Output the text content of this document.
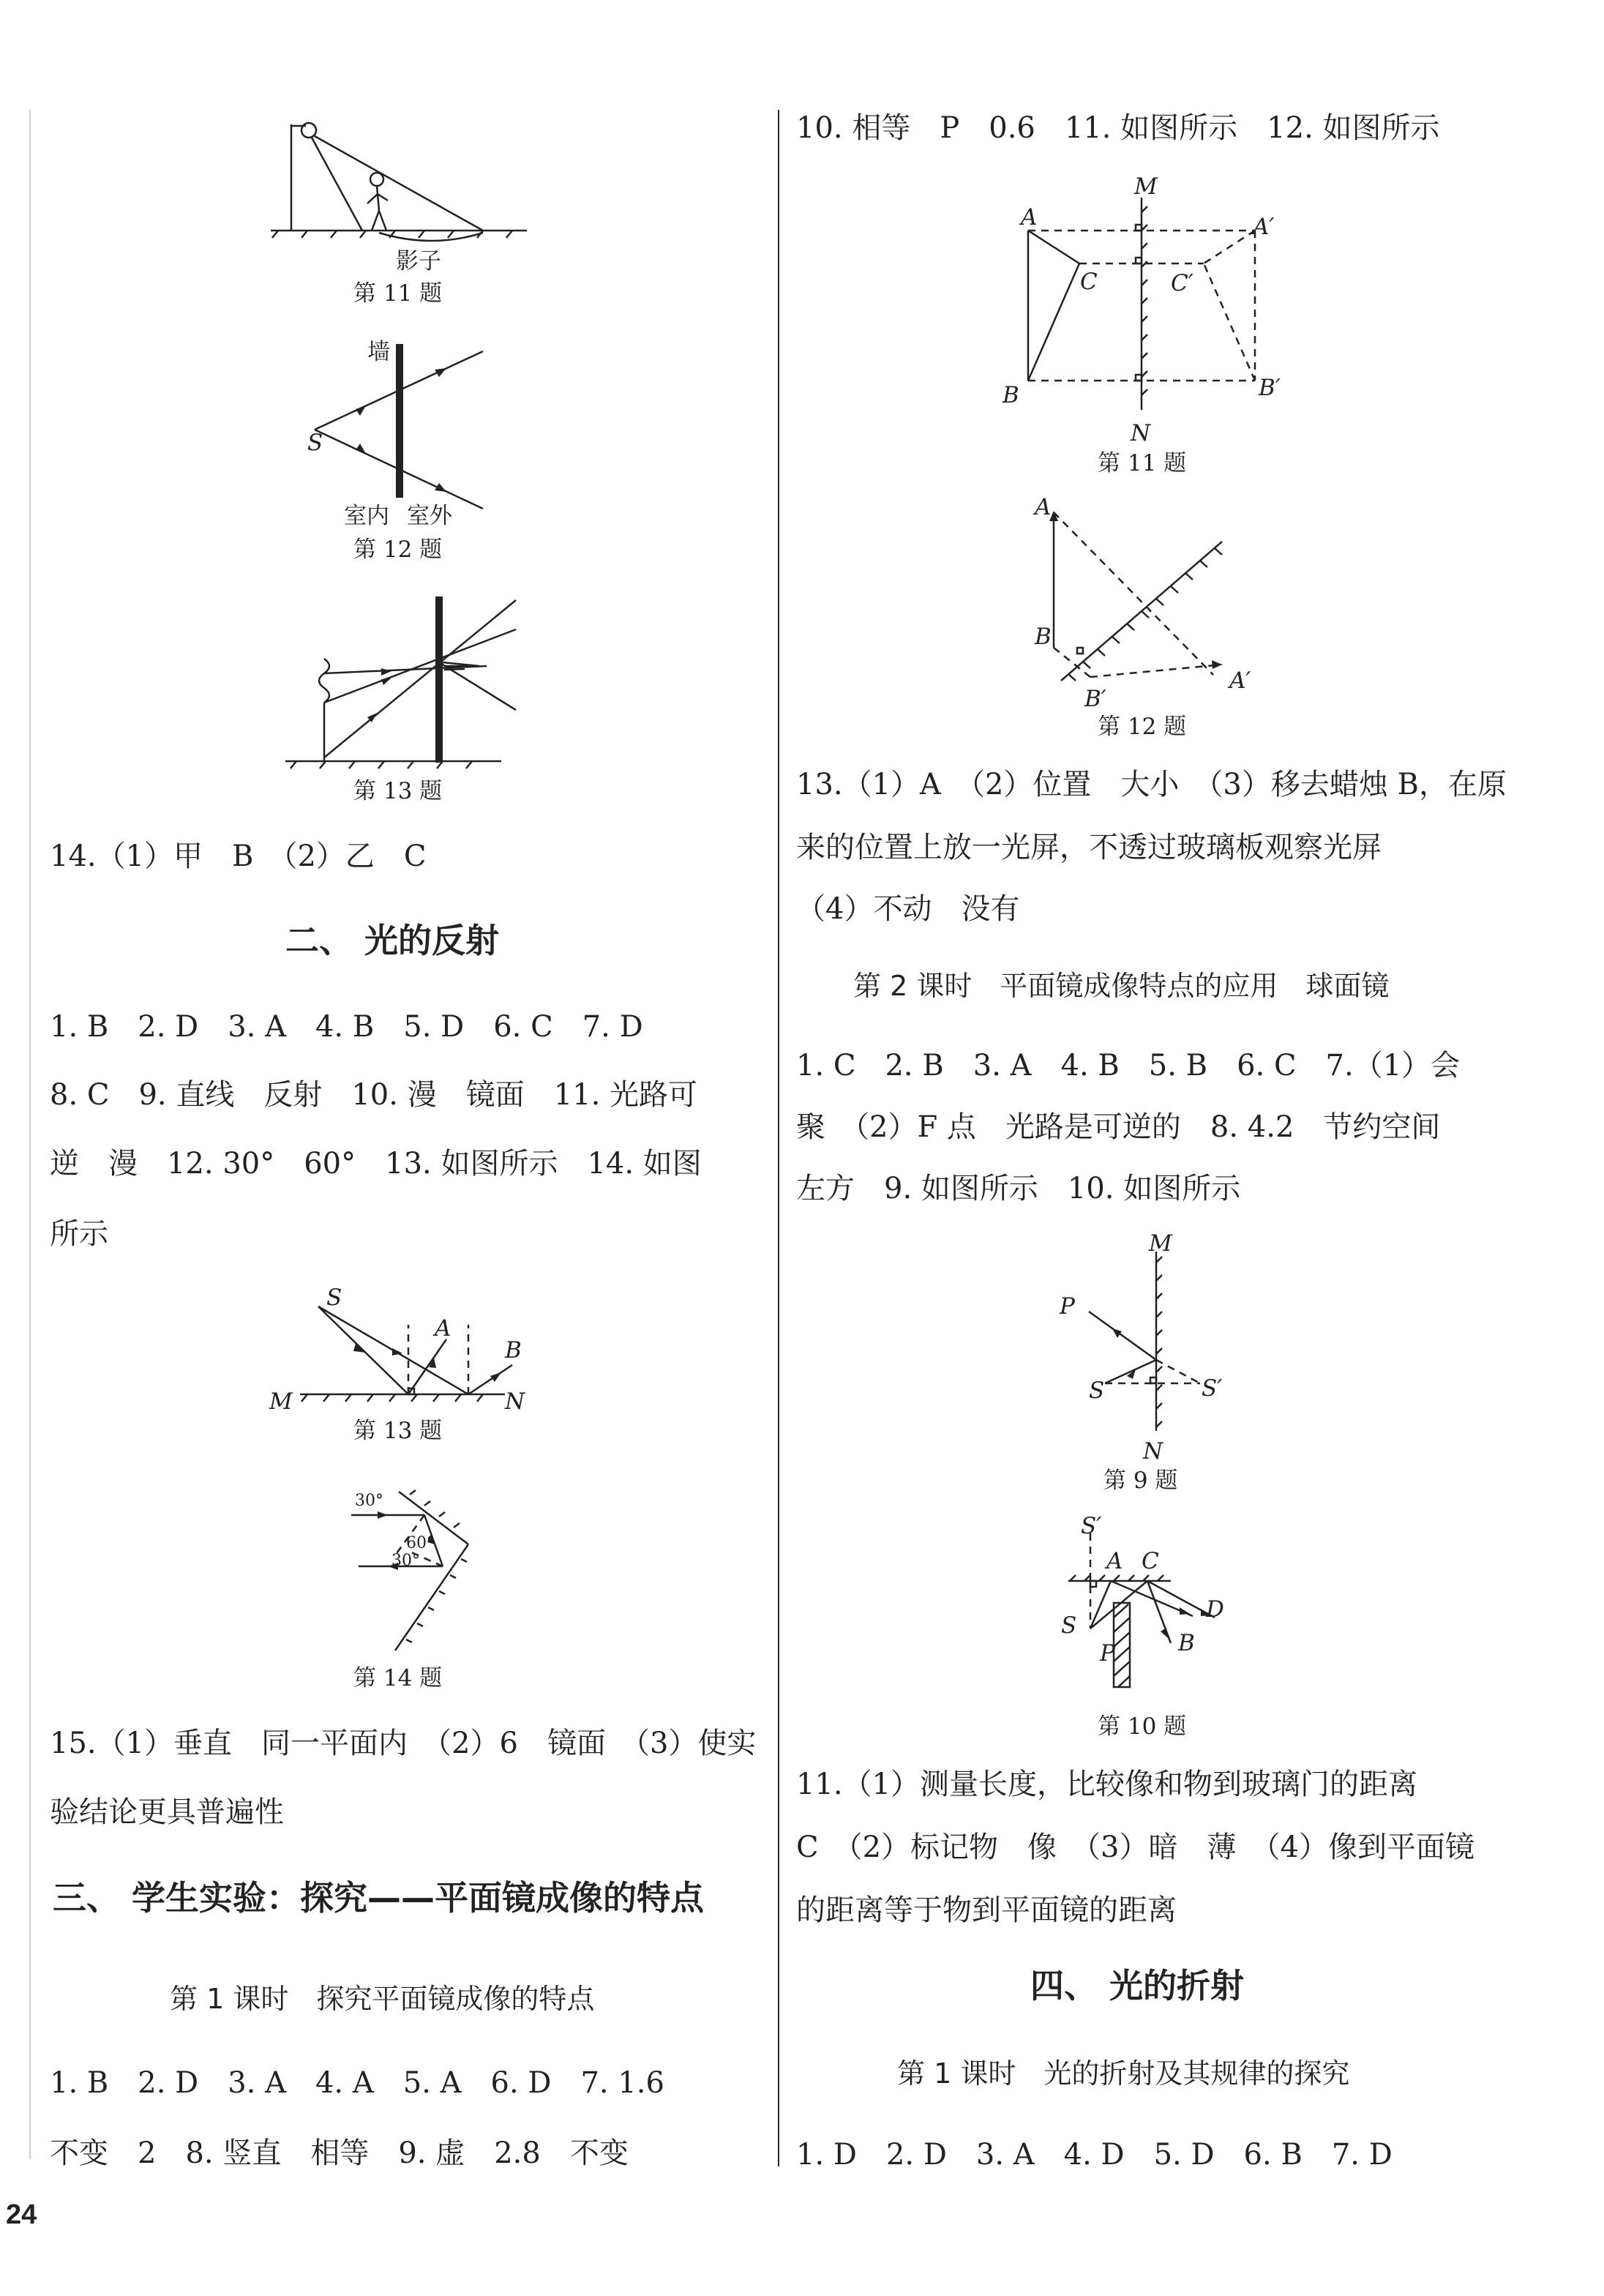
影子
第 11 题
墙
S
室内 室外
第 12 题
第 13 题
14.（1）甲　B　（2）乙　C
二、 光的反射
1. B　2. D　3. A　4. B　5. D　6. C　7. D
8. C　9. 直线　反射　10. 漫　镜面　11. 光路可
逆　漫　12. 30°　60°　13. 如图所示　14. 如图
所示
S
A
B
M	N
第 13 题
30°
60°
30°
第 14 题
15.（1）垂直　同一平面内　（2）6　镜面　（3）使实
验结论更具普遍性
三、 学生实验：探究——平面镜成像的特点
第 1 课时　探究平面镜成像的特点
1. B　2. D　3. A　4. A　5. A　6. D　7. 1.6
不变　2　8. 竖直　相等　9. 虚　2.8　不变
24
10. 相等　P　0.6　11. 如图所示　12. 如图所示
M
A	A′
C	C′
B	B′
N
第 11 题
A
B
B′
A′
第 12 题
13.（1）A　（2）位置　大小　（3）移去蜡烛 B，在原
来的位置上放一光屏，不透过玻璃板观察光屏
（4）不动　没有
第 2 课时　平面镜成像特点的应用　球面镜
1. C　2. B　3. A　4. B　5. B　6. C　7.（1）会
聚　（2）F 点　光路是可逆的　8. 4.2　节约空间
左方　9. 如图所示　10. 如图所示
M
P
S	S′
N
第 9 题
S′
A C
D
S
P	B
第 10 题
11.（1）测量长度，比较像和物到玻璃门的距离
C　（2）标记物　像　（3）暗　薄　（4）像到平面镜
的距离等于物到平面镜的距离
四、 光的折射
第 1 课时　光的折射及其规律的探究
1. D　2. D　3. A　4. D　5. D　6. B　7. D
